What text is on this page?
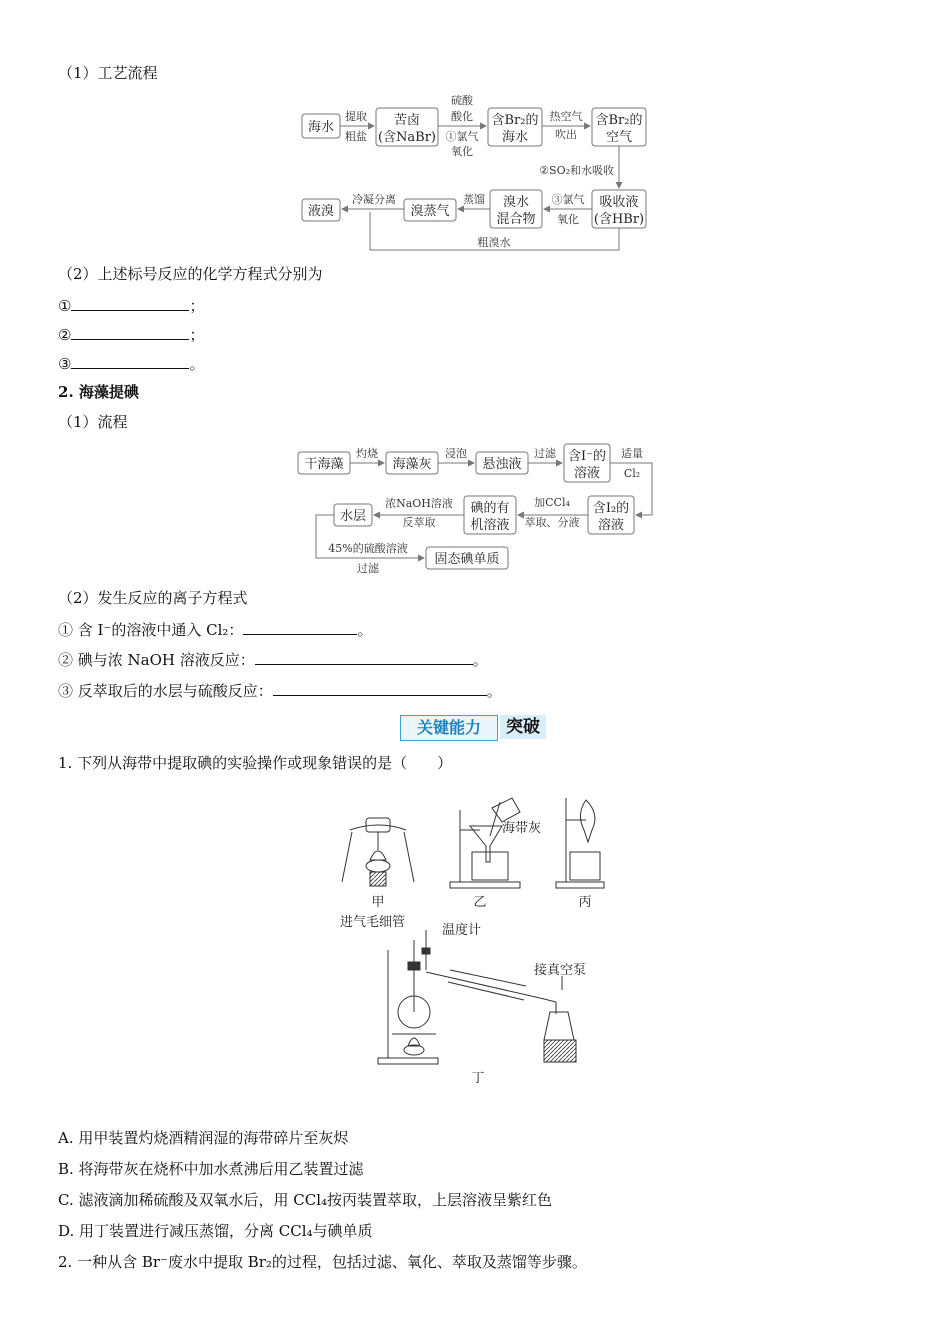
（1）工艺流程
海水
提取
粗盐
苦卤
(含NaBr)
硫酸
酸化
①氯气
氧化
含Br₂的
海水
热空气
吹出
含Br₂的
空气
②SO₂和水吸收
吸收液
(含HBr)
③氯气
氧化
溴水
混合物
蒸馏
溴蒸气
冷凝分离
液溴
粗溴水
（2）上述标号反应的化学方程式分别为
①	；
②	；
③	。
2. 海藻提碘
（1）流程
干海藻
灼烧
海藻灰
浸泡
悬浊液
过滤 含I⁻的
溶液
适量
Cl₂
含I₂的
溶液
加CCl₄
萃取、分液
碘的有
机溶液
浓NaOH溶液
反萃取
水层
45%的硫酸溶液
过滤
固态碘单质
（2）发生反应的离子方程式
① 含 I⁻的溶液中通入 Cl₂：	。
② 碘与浓 NaOH 溶液反应：	。
③ 反萃取后的水层与硫酸反应：	。
关键能力	突破
1. 下列从海带中提取碘的实验操作或现象错误的是（　　）
甲	乙	丙
海带灰
进气毛细管
温度计
接真空泵
丁
A. 用甲装置灼烧酒精润湿的海带碎片至灰烬
B. 将海带灰在烧杯中加水煮沸后用乙装置过滤
C. 滤液滴加稀硫酸及双氧水后，用 CCl₄按丙装置萃取，上层溶液呈紫红色
D. 用丁装置进行减压蒸馏，分离 CCl₄与碘单质
2. 一种从含 Br⁻废水中提取 Br₂的过程，包括过滤、氧化、萃取及蒸馏等步骤。
